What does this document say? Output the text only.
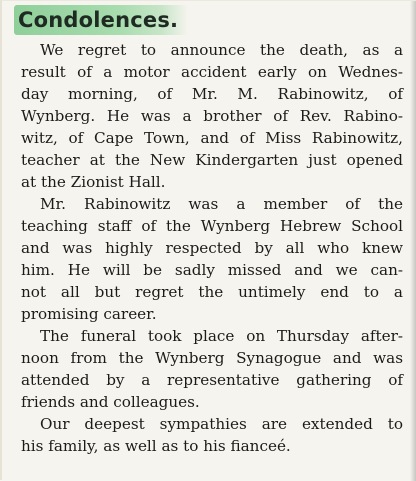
Condolences.
We regret to announce the death, as a
result of a motor accident early on Wednes-
day morning, of Mr. M. Rabinowitz, of
Wynberg. He was a brother of Rev. Rabino-
witz, of Cape Town, and of Miss Rabinowitz,
teacher at the New Kindergarten just opened
at the Zionist Hall.
Mr. Rabinowitz was a member of the
teaching staff of the Wynberg Hebrew School
and was highly respected by all who knew
him. He will be sadly missed and we can-
not all but regret the untimely end to a
promising career.
The funeral took place on Thursday after-
noon from the Wynberg Synagogue and was
attended by a representative gathering of
friends and colleagues.
Our deepest sympathies are extended to
his family, as well as to his fianceé.
